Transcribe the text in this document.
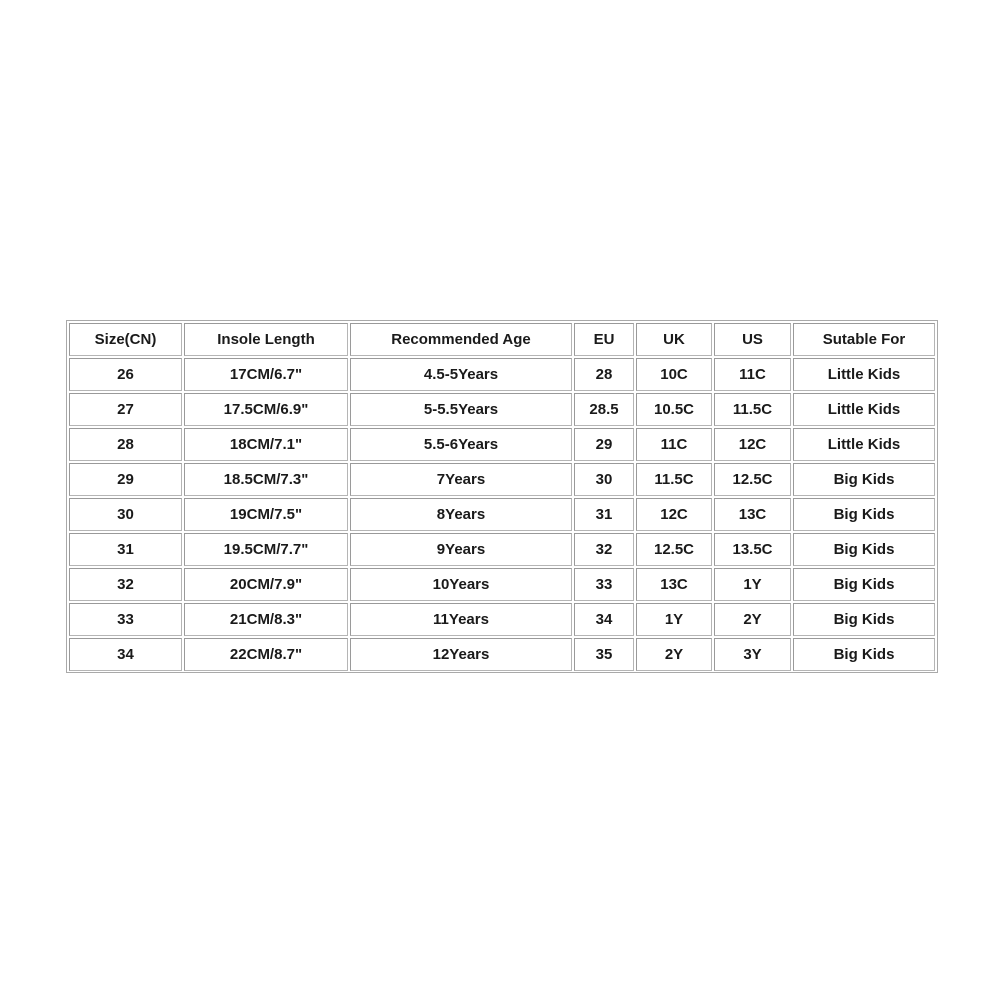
Size(CN)	Insole Length	Recommended Age	EU	UK	US	Sutable For
26	17CM/6.7"	4.5-5Years	28	10C	11C	Little Kids
27	17.5CM/6.9"	5-5.5Years	28.5	10.5C	11.5C	Little Kids
28	18CM/7.1"	5.5-6Years	29	11C	12C	Little Kids
29	18.5CM/7.3"	7Years	30	11.5C	12.5C	Big Kids
30	19CM/7.5"	8Years	31	12C	13C	Big Kids
31	19.5CM/7.7"	9Years	32	12.5C	13.5C	Big Kids
32	20CM/7.9"	10Years	33	13C	1Y	Big Kids
33	21CM/8.3"	11Years	34	1Y	2Y	Big Kids
34	22CM/8.7"	12Years	35	2Y	3Y	Big Kids
